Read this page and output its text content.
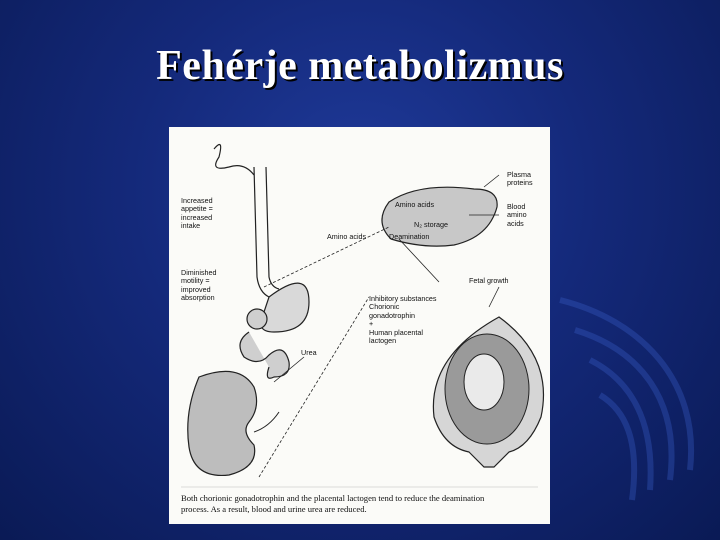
Fehérje metabolizmus
Increased
appetite =
increased
intake
Diminished
motility =
improved
absorption
Amino acids
Amino acids
N₂ storage
Deamination
Plasma
proteins
Blood
amino
acids
Fetal growth
Inhibitory substances
Chorionic
gonadotrophin
+
Human placental
lactogen
Urea
Both chorionic gonadotrophin and the placental lactogen tend to reduce the deamination process. As a result, blood and urine urea are reduced.
